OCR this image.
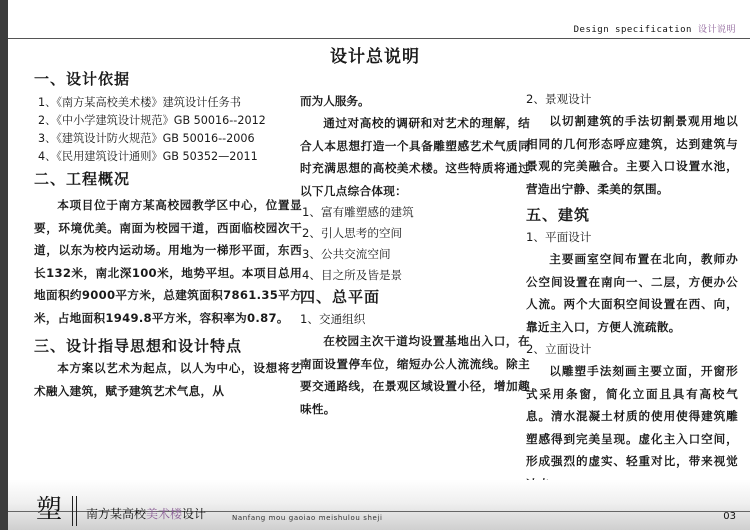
Design specification 设计说明
设计总说明
一、设计依据
1、《南方某高校美术楼》建筑设计任务书
2、《中小学建筑设计规范》GB 50016--2012
3、《建筑设计防火规范》GB 50016--2006
4、《民用建筑设计通则》GB 50352—2011
二、工程概况

本项目位于南方某高校园教学区中心，位置显要，环境优美。南面为校园干道，西面临校园次干道，以东为校内运动场。用地为一梯形平面，东西长132米，南北深100米，地势平坦。本项目总用地面积约9000平方米，总建筑面积7861.35平方米，占地面积1949.8平方米，容积率为0.87。

三、设计指导思想和设计特点

本方案以艺术为起点，以人为中心，设想将艺术融入建筑，赋予建筑艺术气息，从

而为人服务。

通过对高校的调研和对艺术的理解，结合人本思想打造一个具备雕塑感艺术气质同时充满思想的高校美术楼。这些特质将通过以下几点综合体现：

1、富有雕塑感的建筑
2、引人思考的空间
3、公共交流空间
4、目之所及皆是景
四、总平面
1、交通组织

在校园主次干道均设置基地出入口，在南面设置停车位，缩短办公人流流线。除主要交通路线，在景观区域设置小径，增加趣味性。

2、景观设计

以切割建筑的手法切割景观用地以相同的几何形态呼应建筑，达到建筑与景观的完美融合。主要入口设置水池，营造出宁静、柔美的氛围。

五、建筑
1、平面设计

主要画室空间布置在北向，教师办公空间设置在南向一、二层，方便办公人流。两个大面积空间设置在西、向，靠近主入口，方便人流疏散。

2、立面设计

以雕塑手法刻画主要立面，开窗形式采用条窗，简化立面且具有高校气息。清水混凝土材质的使用使得建筑雕塑感得到完美呈现。虚化主入口空间，形成强烈的虚实、轻重对比，带来视觉

塑 南方某高校美术楼设计	Nanfang mou gaoiao meishulou sheji	03
